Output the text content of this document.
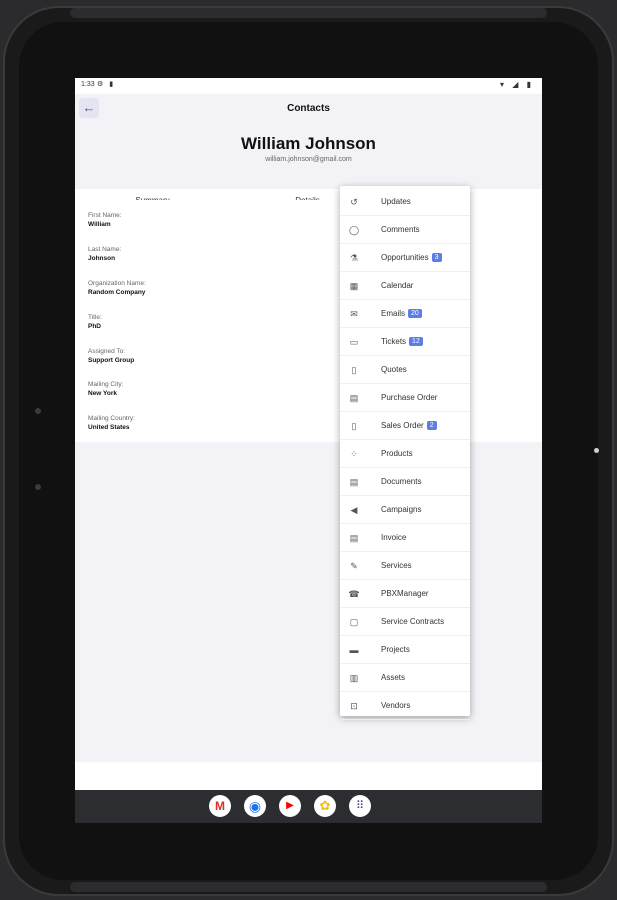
1:33 ⚙ ▮	▾ ◢ ▮
←	Contacts
William Johnson
william.johnson@gmail.com
First Name:
William
Last Name:
Johnson
Organization Name:
Random Company
Title:
PhD
Assigned To:
Support Group
Mailing City:
New York
Mailing Country:
United States
M	◉	▶	✿	⠿
↺	Updates
◯	Comments
⚗	Opportunities 3
▦	Calendar
✉	Emails 20
▭	Tickets 12
▯	Quotes
▤	Purchase Order
▯	Sales Order 2
⁘	Products
▤	Documents
◀	Campaigns
▤	Invoice
✎	Services
☎	PBXManager
▢	Service Contracts
▬	Projects
▥	Assets
⊡	Vendors
